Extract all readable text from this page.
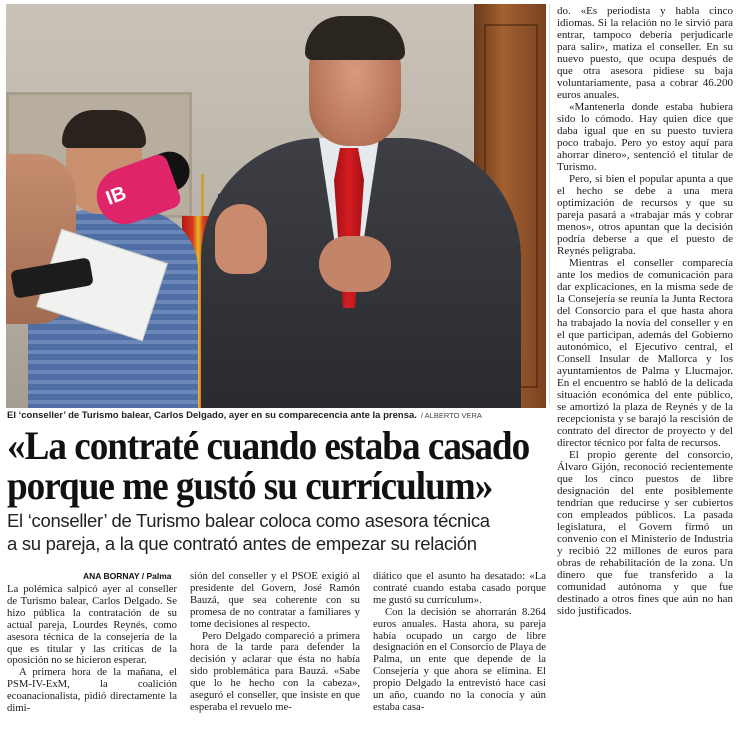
IB
El ‘conseller’ de Turismo balear, Carlos Delgado, ayer en su comparecencia ante la prensa. / ALBERTO VERA
«La contraté cuando estaba casado
porque me gustó su currículum»
El ‘conseller’ de Turismo balear coloca como asesora técnica
a su pareja, a la que contrató antes de empezar su relación
ANA BORNAY / Palma

La polémica salpicó ayer al conseller de Turismo balear, Carlos Delgado. Se hizo pública la contratación de su actual pareja, Lourdes Reynés, como asesora técnica de la consejería de la que es titular y las críticas de la oposición no se hicieron esperar.

A primera hora de la mañana, el PSM-IV-ExM, la coalición ecoanacionalista, pidió directamente la dimi-

sión del conseller y el PSOE exigió al presidente del Govern, José Ramón Bauzá, que sea coherente con su promesa de no contratar a familiares y tome decisiones al respecto.

Pero Delgado compareció a primera hora de la tarde para defender la decisión y aclarar que ésta no había sido problemática para Bauzá. «Sabe que lo he hecho con la cabeza», aseguró el conseller, que insiste en que esperaba el revuelo me-

diático que el asunto ha desatado: «La contraté cuando estaba casado porque me gustó su currículum».

Con la decisión se ahorrarán 8.264 euros anuales. Hasta ahora, su pareja había ocupado un cargo de libre designación en el Consorcio de Playa de Palma, un ente que depende de la Consejería y que ahora se elimina. El propio Delgado la entrevistó hace casi un año, cuando no la conocía y aún estaba casa-

do. «Es periodista y habla cinco idiomas. Si la relación no le sirvió para entrar, tampoco debería perjudicarle para salir», matiza el conseller. En su nuevo puesto, que ocupa después de que otra asesora pidiese su baja voluntariamente, pasa a cobrar 46.200 euros anuales.

«Mantenerla donde estaba hubiera sido lo cómodo. Hay quien dice que daba igual que en su puesto tuviera poco trabajo. Pero yo estoy aquí para ahorrar dinero», sentenció el titular de Turismo.

Pero, si bien el popular apunta a que el hecho se debe a una mera optimización de recursos y que su pareja pasará a «trabajar más y cobrar menos», otros apuntan que la decisión podría deberse a que el puesto de Reynés peligraba.

Mientras el conseller comparecía ante los medios de comunicación para dar explicaciones, en la misma sede de la Consejería se reunía la Junta Rectora del Consorcio para el que hasta ahora ha trabajado la novia del conseller y en el que participan, además del Gobierno autonómico, el Ejecutivo central, el Consell Insular de Mallorca y los ayuntamientos de Palma y Llucmajor. En el encuentro se habló de la delicada situación económica del ente público, se amortizó la plaza de Reynés y de la recepcionista y se barajó la rescisión de contrato del director de proyecto y del director técnico por falta de recursos.

El propio gerente del consorcio, Álvaro Gijón, reconoció recientemente que los cinco puestos de libre designación del ente posiblemente tendrían que reducirse y ser cubiertos con empleados públicos. La pasada legislatura, el Govern firmó un convenio con el Ministerio de Industria y recibió 22 millones de euros para obras de rehabilitación de la zona. Un dinero que fue transferido a la comunidad autónoma y que fue destinado a otros fines que aún no han sido justificados.
